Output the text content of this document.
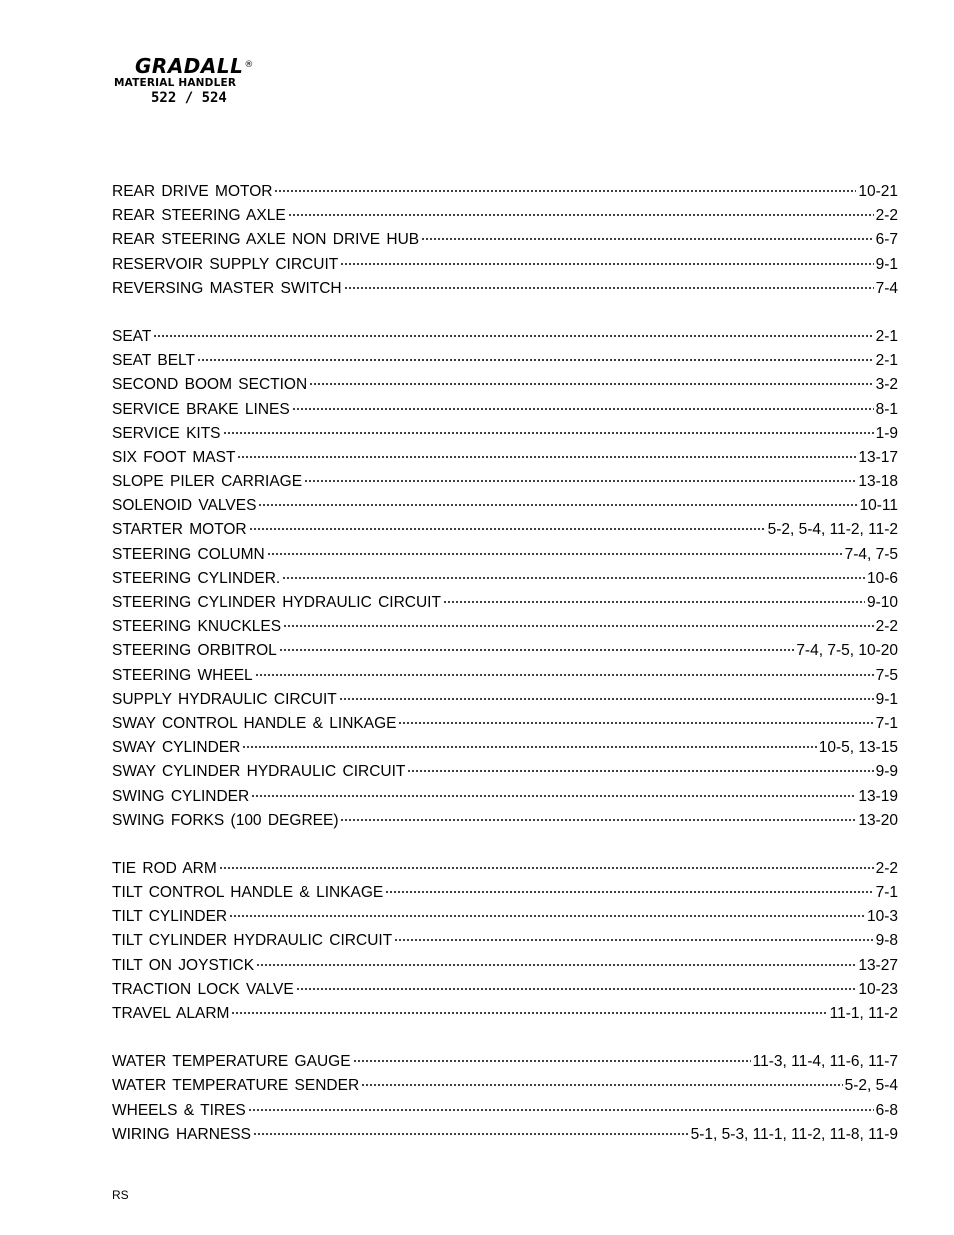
GRADALL®
MATERIAL HANDLER
522 / 524
REAR DRIVE MOTOR	10-21
REAR STEERING AXLE	2-2
REAR STEERING AXLE NON DRIVE HUB	6-7
RESERVOIR SUPPLY CIRCUIT	9-1
REVERSING MASTER SWITCH	7-4
SEAT	2-1
SEAT BELT	2-1
SECOND BOOM SECTION	3-2
SERVICE BRAKE LINES	8-1
SERVICE KITS	1-9
SIX FOOT MAST	13-17
SLOPE PILER CARRIAGE	13-18
SOLENOID VALVES	10-11
STARTER MOTOR	5-2, 5-4, 11-2, 11-2
STEERING COLUMN	7-4, 7-5
STEERING CYLINDER.	10-6
STEERING CYLINDER HYDRAULIC CIRCUIT	9-10
STEERING KNUCKLES	2-2
STEERING ORBITROL	7-4, 7-5, 10-20
STEERING WHEEL	7-5
SUPPLY HYDRAULIC CIRCUIT	9-1
SWAY CONTROL HANDLE & LINKAGE	7-1
SWAY CYLINDER	10-5, 13-15
SWAY CYLINDER HYDRAULIC CIRCUIT	9-9
SWING CYLINDER	13-19
SWING FORKS (100 DEGREE)	13-20
TIE ROD ARM	2-2
TILT CONTROL HANDLE & LINKAGE	7-1
TILT CYLINDER	10-3
TILT CYLINDER HYDRAULIC CIRCUIT	9-8
TILT ON JOYSTICK	13-27
TRACTION LOCK VALVE	10-23
TRAVEL ALARM	11-1, 11-2
WATER TEMPERATURE GAUGE	11-3, 11-4, 11-6, 11-7
WATER TEMPERATURE SENDER	5-2, 5-4
WHEELS & TIRES	6-8
WIRING HARNESS	5-1, 5-3, 11-1, 11-2, 11-8, 11-9
RS
